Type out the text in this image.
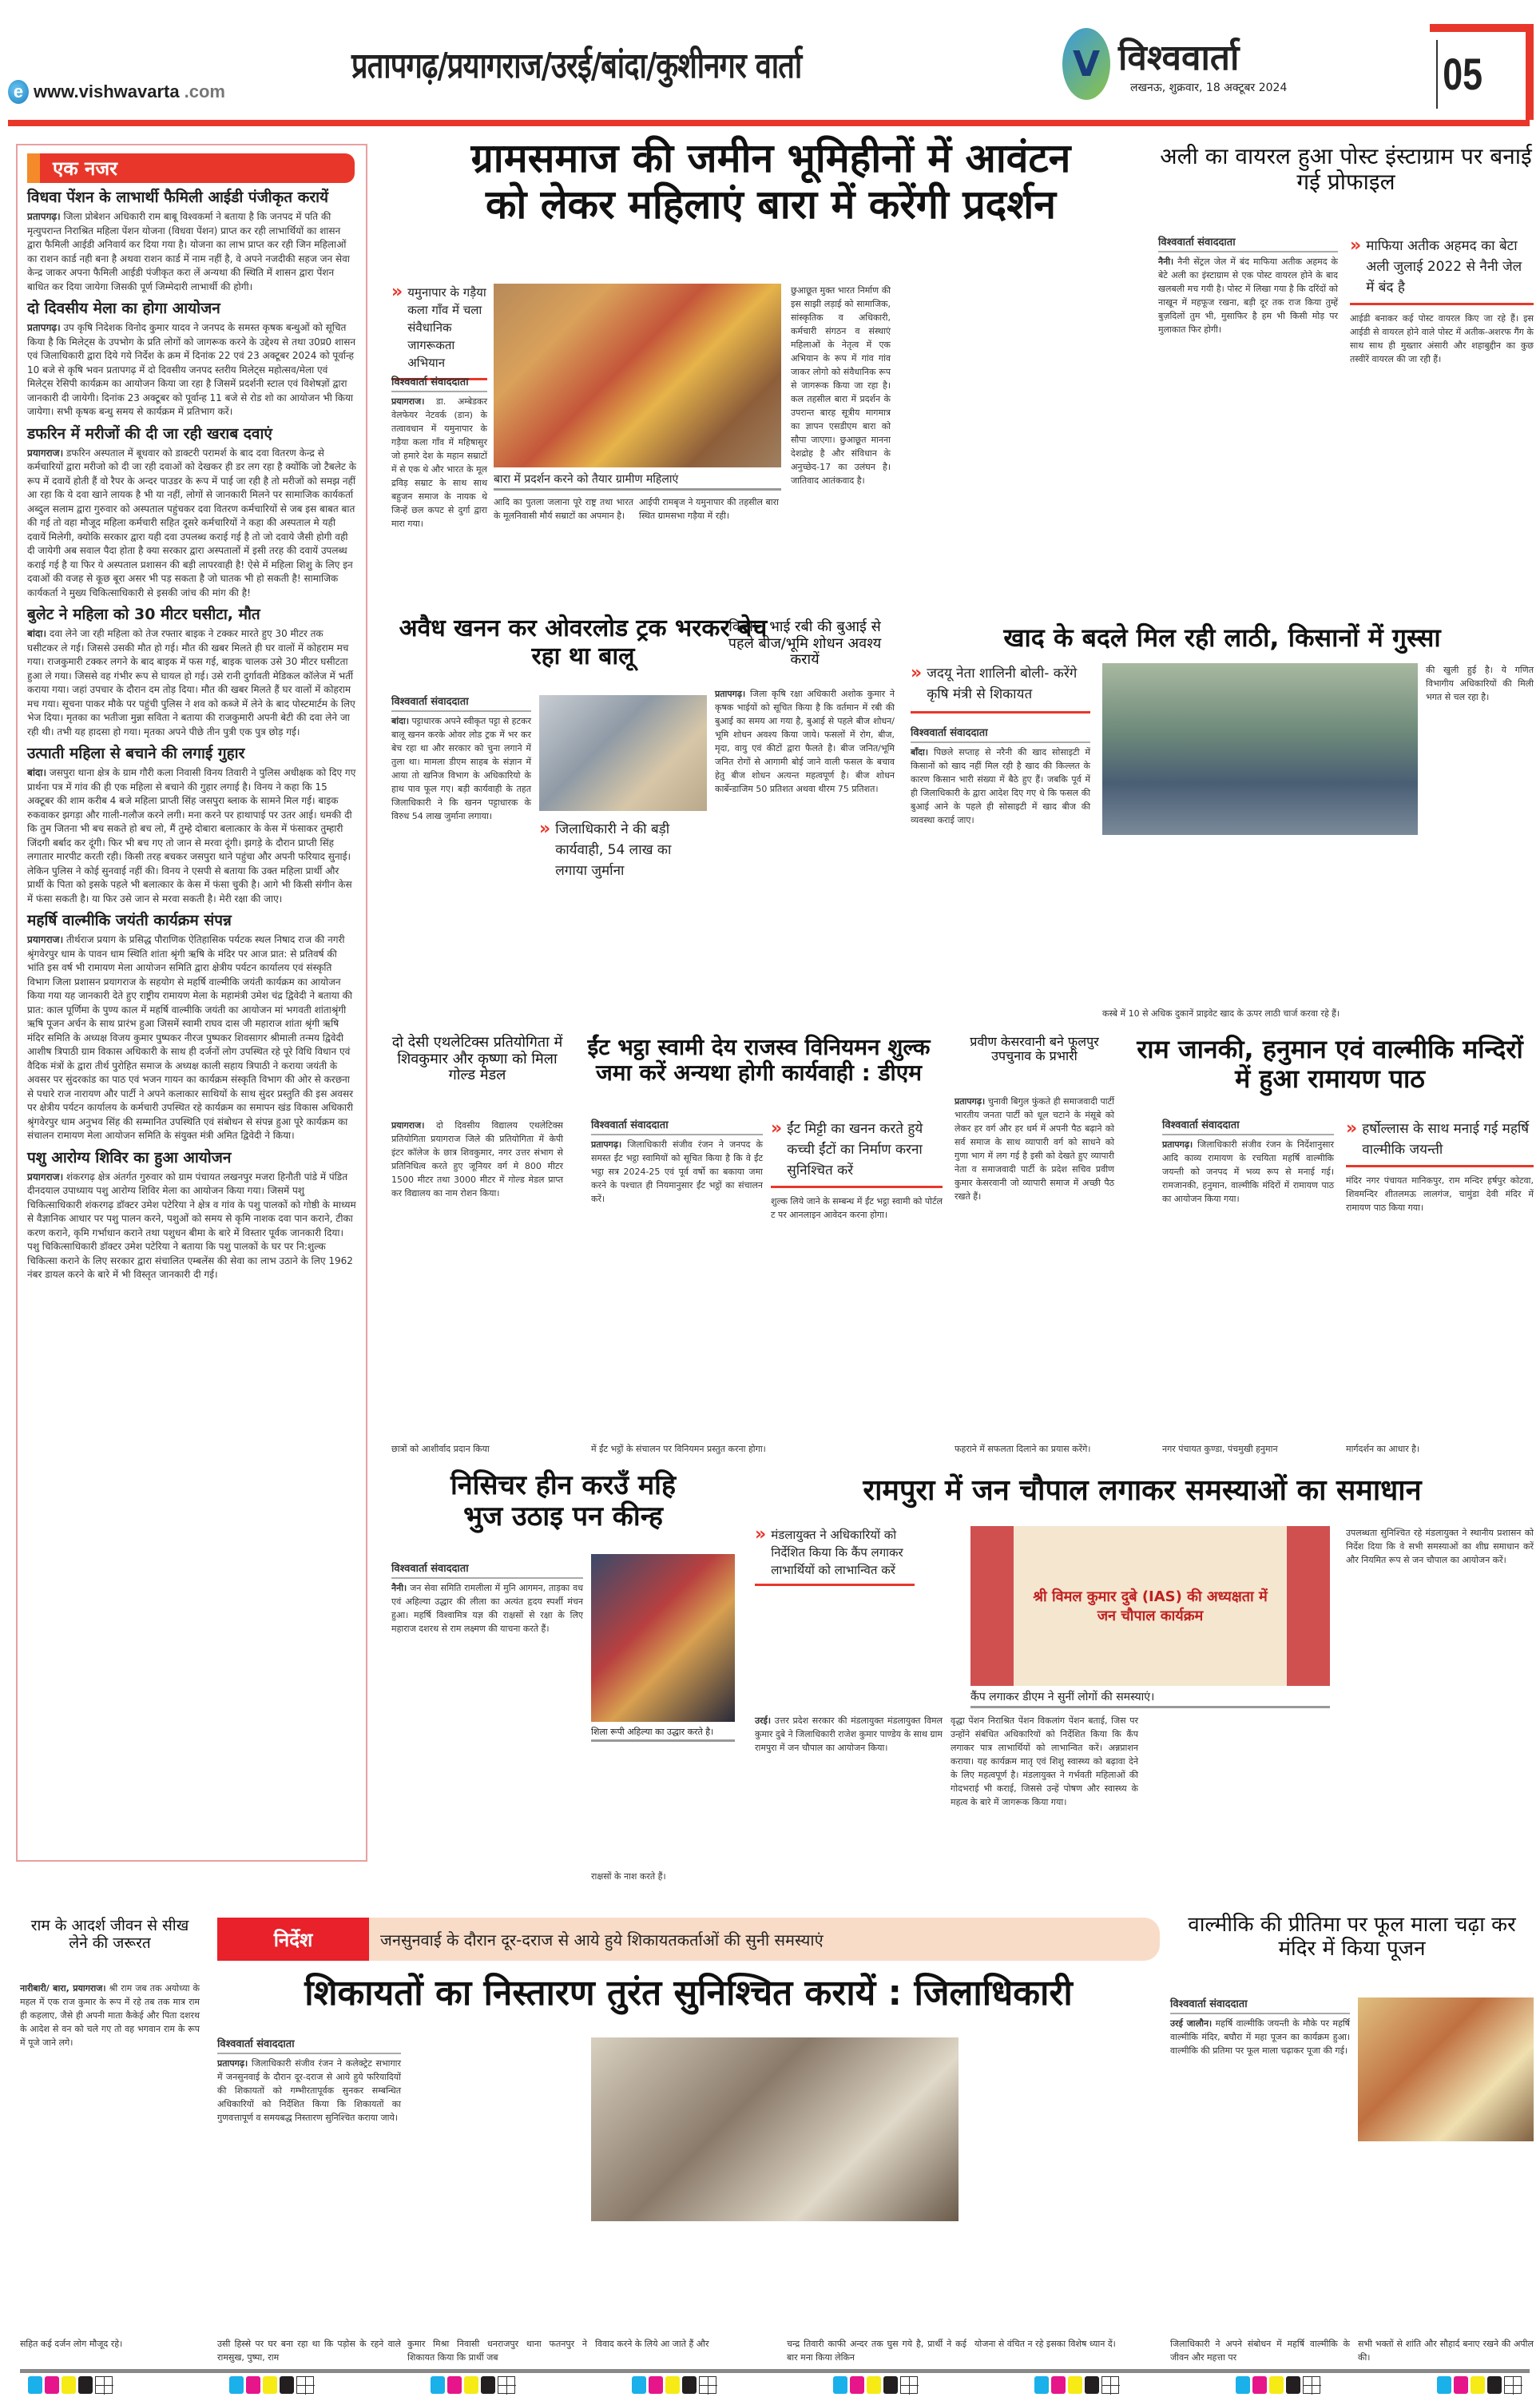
e www.vishwavarta .com
प्रतापगढ़/प्रयागराज/उरई/बांदा/कुशीनगर वार्ता	V विश्ववार्ता
लखनऊ, शुक्रवार, 18 अक्टूबर 2024	05
एक नजर
विधवा पेंशन के लाभार्थी फैमिली आईडी पंजीकृत करायें

प्रतापगढ़। जिला प्रोबेशन अधिकारी राम बाबू विश्वकर्मा ने बताया है कि जनपद में पति की मृत्युपरान्त निराश्रित महिला पेंशन योजना (विधवा पेंशन) प्राप्त कर रही लाभार्थियों का शासन द्वारा फैमिली आईडी अनिवार्य कर दिया गया है। योजना का लाभ प्राप्त कर रही जिन महिलाओं का राशन कार्ड नही बना है अथवा राशन कार्ड में नाम नहीं है, वे अपने नजदीकी सहज जन सेवा केन्द्र जाकर अपना फैमिली आईडी पंजीकृत करा लें अन्यथा की स्थिति में शासन द्वारा पेंशन बाधित कर दिया जायेगा जिसकी पूर्ण जिम्मेदारी लाभार्थी की होगी।

दो दिवसीय मेला का होगा आयोजन

प्रतापगढ़। उप कृषि निदेशक विनोद कुमार यादव ने जनपद के समस्त कृषक बन्धुओं को सूचित किया है कि मिलेट्स के उपभोग के प्रति लोगों को जागरूक करने के उद्देश्य से तथा उ0प्र0 शासन एवं जिलाधिकारी द्वारा दिये गये निर्देश के क्रम में दिनांक 22 एवं 23 अक्टूबर 2024 को पूर्वान्ह 10 बजे से कृषि भवन प्रतापगढ़ में दो दिवसीय जनपद स्तरीय मिलेट्स महोत्सव/मेला एवं मिलेट्स रेसिपी कार्यक्रम का आयोजन किया जा रहा है जिसमें प्रदर्शनी स्टाल एवं विशेषज्ञों द्वारा जानकारी दी जायेगी। दिनांक 23 अक्टूबर को पूर्वान्ह 11 बजे से रोड शो का आयोजन भी किया जायेगा। सभी कृषक बन्धु समय से कार्यक्रम में प्रतिभाग करें।

डफरिन में मरीजों की दी जा रही खराब दवाएं

प्रयागराज। डफरिन अस्पताल में बूधवार को डाक्टरी परामर्श के बाद दवा वितरण केन्द्र से कर्मचारियों द्वारा मरीजो को दी जा रही दवाओं को देखकर ही डर लग रहा है क्योंकि जो टैबलेट के रूप में दवायें होती हैं वो रैपर के अन्दर पाउडर के रूप में पाई जा रही है तो मरीजों को समझ नहीं आ रहा कि ये दवा खाने लायक है भी या नहीं, लोगों से जानकारी मिलने पर सामाजिक कार्यकर्ता अब्दुल सलाम द्वारा गुरुवार को अस्पताल पहुंचकर दवा वितरण कर्मचारियों से जब इस बाबत बात की गई तो वहा मौजूद महिला कर्मचारी सहित दूसरे कर्मचारियों ने कहा की अस्पताल मे यही दवायें मिलेगी, क्योकि सरकार द्वारा यही दवा उपलब्ध कराई गई है तो जो दवाये जैसी होगी वही दी जायेगी अब सवाल पैदा होता है क्या सरकार द्वारा अस्पतालों में इसी तरह की दवायें उपलब्ध कराई गई है या फिर ये अस्पताल प्रशासन की बड़ी लापरवाही है! ऐसे में महिला शिशु के लिए इन दवाओं की वजह से कूछ बूरा असर भी पड़ सकता है जो घातक भी हो सकती है! सामाजिक कार्यकर्ता ने मुख्य चिकित्साधिकारी से इसकी जांच की मांग की है!

बुलेट ने महिला को 30 मीटर घसीटा, मौत

बांदा। दवा लेने जा रही महिला को तेज रफ्तार बाइक ने टक्कर मारते हुए 30 मीटर तक घसीटकर ले गई। जिससे उसकी मौत हो गई। मौत की खबर मिलते ही घर वालों में कोहराम मच गया। राजकुमारी टक्कर लगने के बाद बाइक में फस गई, बाइक चालक उसे 30 मीटर घसीटता हुआ ले गया। जिससे वह गंभीर रूप से घायल हो गई। उसे रानी दुर्गावती मेडिकल कॉलेज में भर्ती कराया गया। जहां उपचार के दौरान दम तोड़ दिया। मौत की खबर मिलते हैं घर वालों में कोहराम मच गया। सूचना पाकर मौके पर पहुंची पुलिस ने शव को कब्जे में लेने के बाद पोस्टमार्टम के लिए भेज दिया। मृतका का भतीजा मुन्ना सविता ने बताया की राजकुमारी अपनी बेटी की दवा लेने जा रही थी। तभी यह हादसा हो गया। मृतका अपने पीछे तीन पुत्री एक पुत्र छोड़ गई।

उत्पाती महिला से बचाने की लगाई गुहार

बांदा। जसपुरा थाना क्षेत्र के ग्राम गौरी कला निवासी विनय तिवारी ने पुलिस अधीक्षक को दिए गए प्रार्थना पत्र में गांव की ही एक महिला से बचाने की गुहार लगाई है। विनय ने कहा कि 15 अक्टूबर की शाम करीब 4 बजे महिला प्राप्ती सिंह जसपुरा ब्लाक के सामने मिल गई। बाइक रुकवाकर झगड़ा और गाली-गलौज करने लगी। मना करने पर हाथापाई पर उतर आई। धमकी दी कि तुम जितना भी बच सकते हो बच लो, मैं तुम्हे दोबारा बलात्कार के केस में फंसाकर तुम्हारी जिंदगी बर्बाद कर दूंगी। फिर भी बच गए तो जान से मरवा दूंगी। झगड़े के दौरान प्राप्ती सिंह लगातार मारपीट करती रही। किसी तरह बचकर जसपुरा थाने पहुंचा और अपनी फरियाद सुनाई। लेकिन पुलिस ने कोई सुनवाई नहीं की। विनय ने एसपी से बताया कि उक्त महिला प्रार्थी और प्रार्थी के पिता को इसके पहले भी बलात्कार के केस में फंसा चुकी है। आगे भी किसी संगीन केस में फंसा सकती है। या फिर उसे जान से मरवा सकती है। मेरी रक्षा की जाए।

महर्षि वाल्मीकि जयंती कार्यक्रम संपन्न

प्रयागराज। तीर्थराज प्रयाग के प्रसिद्ध पौराणिक ऐतिहासिक पर्यटक स्थल निषाद राज की नगरी श्रृंगवेरपुर धाम के पावन धाम स्थिति शांता श्रृंगी ऋषि के मंदिर पर आज प्रात: से प्रतिवर्ष की भांति इस वर्ष भी रामायण मेला आयोजन समिति द्वारा क्षेत्रीय पर्यटन कार्यालय एवं संस्कृति विभाग जिला प्रशासन प्रयागराज के सहयोग से महर्षि वाल्मीकि जयंती कार्यक्रम का आयोजन किया गया यह जानकारी देते हुए राष्ट्रीय रामायण मेला के महामंत्री उमेश चंद्र द्विवेदी ने बताया की प्रात: काल पूर्णिमा के पुण्य काल में महर्षि वाल्मीकि जयंती का आयोजन मां भगवती शांताश्रृंगी ऋषि पूजन अर्चन के साथ प्रारंभ हुआ जिसमें स्वामी राघव दास जी महाराज शांता श्रृंगी ऋषि मंदिर समिति के अध्यक्ष विजय कुमार पुष्पकर नीरज पुष्पकर शिवसागर श्रीमाली तन्मय द्विवेदी आशीष त्रिपाठी ग्राम विकास अधिकारी के साथ ही दर्जनों लोग उपस्थित रहे पूरे विधि विधान एवं वैदिक मंत्रों के द्वारा तीर्थ पुरोहित समाज के अध्यक्ष काली सहाय त्रिपाठी ने कराया जयंती के अवसर पर सुंदरकांड का पाठ एवं भजन गायन का कार्यक्रम संस्कृति विभाग की ओर से करछना से पधारे राज नारायण और पार्टी ने अपने कलाकार साथियों के साथ सुंदर प्रस्तुति की इस अवसर पर क्षेत्रीय पर्यटन कार्यालय के कर्मचारी उपस्थित रहे कार्यक्रम का समापन खंड विकास अधिकारी श्रृंगवेरपुर धाम अनुभव सिंह की सम्मानित उपस्थिति एवं संबोधन से संपन्न हुआ पूरे कार्यक्रम का संचालन रामायण मेला आयोजन समिति के संयुक्त मंत्री अमित द्विवेदी ने किया।

पशु आरोग्य शिविर का हुआ आयोजन

प्रयागराज। शंकरगढ़ क्षेत्र अंतर्गत गुरुवार को ग्राम पंचायत लखनपुर मजरा हिनौती पांडे में पंडित दीनदयाल उपाध्याय पशु आरोग्य शिविर मेला का आयोजन किया गया। जिसमें पशु चिकित्साधिकारी शंकरगढ़ डॉक्टर उमेश पटेरिया ने क्षेत्र व गांव के पशु पालकों को गोष्ठी के माध्यम से वैज्ञानिक आधार पर पशु पालन करने, पशुओं को समय से कृमि नाशक दवा पान कराने, टीका करण कराने, कृमि गर्भाधान कराने तथा पशुधन बीमा के बारे में विस्तार पूर्वक जानकारी दिया। पशु चिकित्साधिकारी डॉक्टर उमेश पटेरिया ने बताया कि पशु पालकों के घर पर नि:शुल्क चिकित्सा कराने के लिए सरकार द्वारा संचालित एम्बलेंस की सेवा का लाभ उठाने के लिए 1962 नंबर डायल करने के बारे में भी विस्तृत जानकारी दी गई।

ग्रामसमाज की जमीन भूमिहीनों में आवंटन
को लेकर महिलाएं बारा में करेंगी प्रदर्शन
» यमुनापार के गड़ैया कला गाँव में चला संवैधानिक जागरूकता अभियान
विश्ववार्ता संवाददाता
प्रयागराज। डा. अम्बेडकर वेलफेयर नेटवर्क (डान) के तत्वावधान में यमुनापार के गड़ैया कला गाँव में महिषासुर जो हमारे देश के महान सम्राटों में से एक थे और भारत के मूल द्रविड़ सम्राट के साथ साथ बहुजन समाज के नायक थे जिन्हें छल कपट से दुर्गा द्वारा मारा गया।
बारा में प्रदर्शन करने को तैयार ग्रामीण महिलाएं
आदि का पुतला जलाना पूरे राष्ट्र तथा भारत के मूलनिवासी मौर्य सम्राटों का अपमान है।
आईपी रामबृज ने यमुनापार की तहसील बारा स्थित ग्रामसभा गड़ैया में रही।
छुआछूत मुक्त भारत निर्माण की इस साझी लड़ाई को सामाजिक, सांस्कृतिक व अधिकारी, कर्मचारी संगठन व संस्थाएं महिलाओं के नेतृत्व में एक अभियान के रूप में गांव गांव जाकर लोगो को संवैधानिक रूप से जागरूक किया जा रहा है। कल तहसील बारा में प्रदर्शन के उपरान्त बारह सूत्रीय मागमात्र का ज्ञापन एसडीएम बारा को सौपा जाएगा। छुआछूत मानना देशद्रोह है और संविधान के अनुच्छेद-17 का उलंघन है। जातिवाद आतंकवाद है।
अली का वायरल हुआ पोस्ट इंस्टाग्राम पर बनाई गई प्रोफाइल
विश्ववार्ता संवाददाता
नैनी। नैनी सेंट्रल जेल में बंद माफिया अतीक अहमद के बेटे अली का इंस्टाग्राम से एक पोस्ट वायरल होने के बाद खलबली मच गयी है। पोस्ट में लिखा गया है कि दरिंदों को नाखून में महफूज रखना, बड़ी दूर तक राज किया तुम्हें बुज़दिलों तुम भी, मुसाफिर है हम भी किसी मोड़ पर मुलाकात फिर होगी।
» माफिया अतीक अहमद का बेटा अली जुलाई 2022 से नैनी जेल में बंद है
आईडी बनाकर कई पोस्ट वायरल किए जा रहे हैं। इस आईडी से वायरल होने वाले पोस्ट में अतीक-अशरफ गैंग के साथ साथ ही मुख्तार अंसारी और शहाबुद्दीन का कुछ तस्वीरें वायरल की जा रही हैं।
अवैध खनन कर ओवरलोड ट्रक भरकर बेच रहा था बालू
विश्ववार्ता संवाददाता
बांदा। पट्टाधारक अपने स्वीकृत पट्टा से हटकर बालू खनन करके ओवर लोड ट्रक में भर कर बेच रहा था और सरकार को चुना लगाने में तुला था। मामला डीएम साहब के संज्ञान में आया तो खनिज विभाग के अधिकारियो के हाथ पाव फूल गए। बड़ी कार्यवाही के तहत जिलाधिकारी ने कि खनन पट्टाधारक के विरुध 54 लाख जुर्माना लगाया।
» जिलाधिकारी ने की बड़ी कार्यवाही, 54 लाख का लगाया जुर्माना
किसान भाई रबी की बुआई से पहले बीज/भूमि शोधन अवश्य करायें
प्रतापगढ़। जिला कृषि रक्षा अधिकारी अशोक कुमार ने कृषक भाईयों को सूचित किया है कि वर्तमान में रबी की बुआई का समय आ गया है, बुआई से पहले बीज शोधन/भूमि शोधन अवश्य किया जाये। फसलों में रोग, बीज, मृदा, वायु एवं कीटों द्वारा फैलते है। बीज जनित/भूमि जनित रोगों से आगामी बोई जाने वाली फसल के बचाव हेतु बीज शोधन अत्यन्त महत्वपूर्ण है। बीज शोधन कार्बेन्डाजिम 50 प्रतिशत अथवा थीरम 75 प्रतिशत।
खाद के बदले मिल रही लाठी, किसानों में गुस्सा
» जदयू नेता शालिनी बोली- करेंगे कृषि मंत्री से शिकायत
विश्ववार्ता संवाददाता
बाँदा। पिछले सप्ताह से नरैनी की खाद सोसाइटी में किसानों को खाद नहीं मिल रही है खाद की किल्लत के कारण किसान भारी संख्या में बैठे हुए हैं। जबकि पूर्व में ही जिलाधिकारी के द्वारा आदेश दिए गए थे कि फसल की बुआई आने के पहले ही सोसाइटी में खाद बीज की व्यवस्था कराई जाए।
की खुली हुई है। ये गणित विभागीय अधिकारियों की मिली भगत से चल रहा है।
कस्बे में 10 से अधिक दुकानें प्राइवेट खाद के ऊपर लाठी चार्ज करवा रहे हैं।
दो देसी एथलेटिक्स प्रतियोगिता में शिवकुमार और कृष्णा को मिला गोल्ड मेडल
प्रयागराज। दो दिवसीय विद्यालय एथलेटिक्स प्रतियोगिता प्रयागराज जिले की प्रतियोगिता में केपी इंटर कॉलेज के छात्र शिवकुमार, नगर उत्तर संभाग से प्रतिनिधित्व करते हुए जूनियर वर्ग मे 800 मीटर 1500 मीटर तथा 3000 मीटर में गोल्ड मेडल प्राप्त कर विद्यालय का नाम रोशन किया।
छात्रों को आशीर्वाद प्रदान किया
ईंट भट्ठा स्वामी देय राजस्व विनियमन शुल्क जमा करें अन्यथा होगी कार्यवाही : डीएम
विश्ववार्ता संवाददाता
प्रतापगढ़। जिलाधिकारी संजीव रंजन ने जनपद के समस्त ईंट भट्ठा स्वामियों को सूचित किया है कि वे ईंट भट्ठा सत्र 2024-25 एवं पूर्व वर्षो का बकाया जमा करने के पश्चात ही नियमानुसार ईंट भट्ठों का संचालन करें।
» ईंट मिट्टी का खनन करते हुये कच्ची ईंटों का निर्माण करना सुनिश्चित करें
शुल्क लिये जाने के सम्बन्ध में ईंट भट्ठा स्वामी को पोर्टल ट पर आनलाइन आवेदन करना होगा।
में ईंट भट्ठों के संचालन पर विनियमन प्रस्तुत करना होगा।
प्रवीण केसरवानी बने फूलपुर उपचुनाव के प्रभारी
प्रतापगढ़। चुनावी बिगुल फुंकते ही समाजवादी पार्टी भारतीय जनता पार्टी को धूल चटाने के मंसूबे को लेकर हर वर्ग और हर धर्म में अपनी पैठ बढ़ाने को सर्व समाज के साथ व्यापारी वर्ग को साधने को गुणा भाग में लग गई है इसी को देखते हुए व्यापारी नेता व समाजवादी पार्टी के प्रदेश सचिव प्रवीण कुमार केसरवानी जो व्यापारी समाज में अच्छी पैठ रखते हैं।
फहराने में सफलता दिलाने का प्रयास करेंगे।
राम जानकी, हनुमान एवं वाल्मीकि मन्दिरों में हुआ रामायण पाठ
विश्ववार्ता संवाददाता
प्रतापगढ़। जिलाधिकारी संजीव रंजन के निर्देशानुसार आदि काव्य रामायण के रचयिता महर्षि वाल्मीकि जयन्ती को जनपद में भव्य रूप से मनाई गई। रामजानकी, हनुमान, वाल्मीकि मंदिरों में रामायण पाठ का आयोजन किया गया।
» हर्षोल्लास के साथ मनाई गई महर्षि वाल्मीकि जयन्ती
मंदिर नगर पंचायत मानिकपुर, राम मन्दिर हर्षपुर कोटवा, शिवमन्दिर शीतलमऊ लालगंज, चामुंडा देवी मंदिर में रामायण पाठ किया गया।
नगर पंचायत कुण्डा, पंचमुखी हनुमान	मार्गदर्शन का आधार है।
निसिचर हीन करउँ महि
भुज उठाइ पन कीन्ह
विश्ववार्ता संवाददाता
नैनी। जन सेवा समिति रामलीला में मुनि आगमन, ताड़का वध एवं अहिल्या उद्धार की लीला का अत्यंत हृदय स्पर्शी मंचन हुआ। महर्षि विश्वामित्र यज्ञ की राक्षसों से रक्षा के लिए महाराज दशरथ से राम लक्ष्मण की याचना करते हैं।
शिला रूपी अहिल्या का उद्धार करते है।
राक्षसों के नाश करते हैं।
रामपुरा में जन चौपाल लगाकर समस्याओं का समाधान
» मंडलायुक्त ने अधिकारियों को निर्देशित किया कि कैंप लगाकर लाभार्थियों को लाभान्वित करें
श्री विमल कुमार दुबे (IAS) की अध्यक्षता में जन चौपाल कार्यक्रम
कैंप लगाकर डीएम ने सुनीं लोगों की समस्याएं।
उरई। उत्तर प्रदेश सरकार की मंडलायुक्त मंडलायुक्त विमल कुमार दुबे ने जिलाधिकारी राजेश कुमार पाण्डेय के साथ ग्राम रामपुरा में जन चौपाल का आयोजन किया।
वृद्धा पेंशन निराश्रित पेंशन विकलांग पेंशन बताई, जिस पर उन्होंने संबंधित अधिकारियों को निर्देशित किया कि कैंप लगाकर पात्र लाभार्थियों को लाभान्वित करें। अन्नप्राशन कराया। यह कार्यक्रम मातृ एवं शिशु स्वास्थ्य को बढ़ावा देने के लिए महत्वपूर्ण है। मंडलायुक्त ने गर्भवती महिलाओं की गोदभराई भी कराई, जिससे उन्हें पोषण और स्वास्थ्य के महत्व के बारे में जागरूक किया गया।
उपलब्धता सुनिश्चित रहे मंडलायुक्त ने स्थानीय प्रशासन को निर्देश दिया कि वे सभी समस्याओं का शीघ्र समाधान करें और नियमित रूप से जन चौपाल का आयोजन करें।
राम के आदर्श जीवन से सीख लेने की जरूरत
नारीबारी/ बारा, प्रयागराज। श्री राम जब तक अयोध्या के महल में एक राज कुमार के रूप में रहे तब तक मात्र राम ही कहलाए, जैसे ही अपनी माता कैकेई और पिता दशरथ के आदेश से वन को चले गए तो वह भगवान राम के रूप में पूजे जाने लगे।
सहित कई दर्जन लोग मौजूद रहे।
निर्देश	जनसुनवाई के दौरान दूर-दराज से आये हुये शिकायतकर्ताओं की सुनी समस्याएं
शिकायतों का निस्तारण तुरंत सुनिश्चित करायें : जिलाधिकारी
विश्ववार्ता संवाददाता
प्रतापगढ़। जिलाधिकारी संजीव रंजन ने कलेक्ट्रेट सभागार में जनसुनवाई के दौरान दूर-दराज से आये हुये फरियादियों की शिकायतों को गम्भीरतापूर्वक सुनकर सम्बन्धित अधिकारियों को निर्देशित किया कि शिकायतों का गुणवत्तापूर्ण व समयबद्ध निस्तारण सुनिश्चित कराया जाये।
उसी हिस्से पर घर बना रहा था कि पड़ोस के रहने वाले रामसुख, पुष्पा, राम
कुमार मिश्रा निवासी धनराजपुर थाना फतनपुर ने शिकायत किया कि प्रार्थी जब
विवाद करने के लिये आ जाते हैं और	चन्द्र तिवारी काफी अन्दर तक घुस गये है, प्रार्थी ने कई बार मना किया लेकिन
योजना से वंचित न रहे इसका विशेष ध्यान दें।
वाल्मीकि की प्रीतिमा पर फूल माला चढ़ा कर मंदिर में किया पूजन
विश्ववार्ता संवाददाता
उरई जालौन। महर्षि वाल्मीकि जयन्ती के मौके पर महर्षि वाल्मीकि मंदिर, बघौरा में महा पूजन का कार्यक्रम हुआ। वाल्मीकि की प्रतिमा पर फूल माला चढ़ाकर पूजा की गई।
जिलाधिकारी ने अपने संबोधन में महर्षि वाल्मीकि के जीवन और महत्ता पर
सभी भक्तों से शांति और सौहार्द बनाए रखने की अपील की।
